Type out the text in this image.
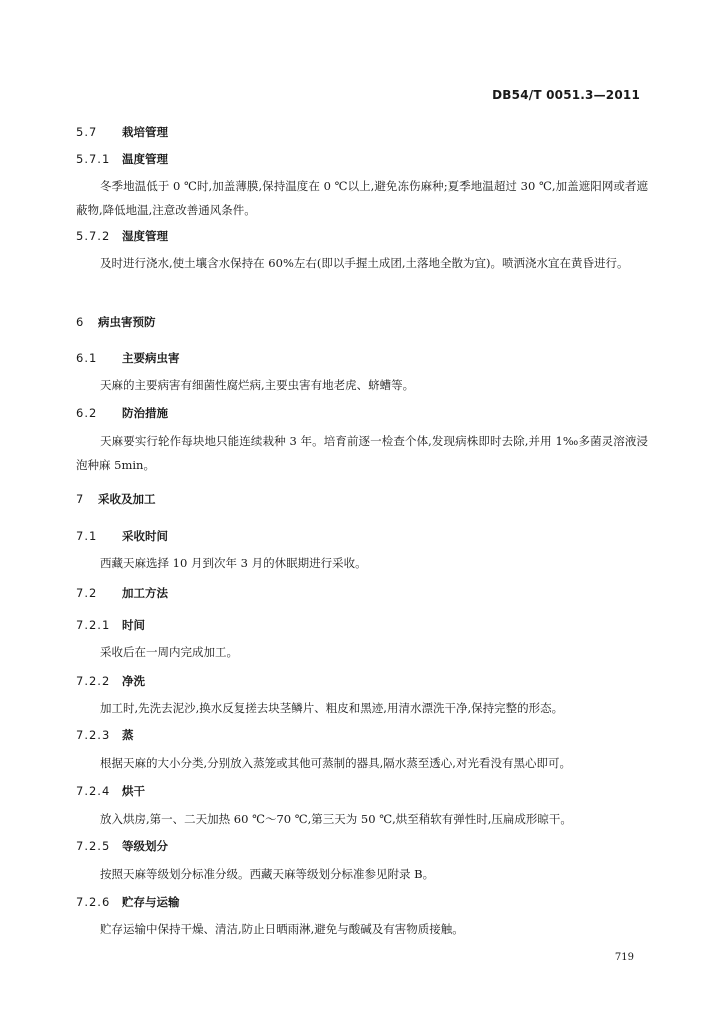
DB54/T 0051.3—2011
5.7 栽培管理
5.7.1 温度管理
冬季地温低于 0 ℃时,加盖薄膜,保持温度在 0 ℃以上,避免冻伤麻种;夏季地温超过 30 ℃,加盖遮阳网或者遮蔽物,降低地温,注意改善通风条件。
5.7.2 湿度管理
及时进行浇水,使土壤含水保持在 60%左右(即以手握土成团,土落地全散为宜)。喷洒浇水宜在黄昏进行。
6 病虫害预防
6.1 主要病虫害
天麻的主要病害有细菌性腐烂病,主要虫害有地老虎、蛴螬等。
6.2 防治措施
天麻要实行轮作每块地只能连续栽种 3 年。培育前逐一检查个体,发现病株即时去除,并用 1‰多菌灵溶液浸泡种麻 5min。
7 采收及加工
7.1 采收时间
西藏天麻选择 10 月到次年 3 月的休眠期进行采收。
7.2 加工方法
7.2.1 时间
采收后在一周内完成加工。
7.2.2 净洗
加工时,先洗去泥沙,换水反复搓去块茎鳞片、粗皮和黑迹,用清水漂洗干净,保持完整的形态。
7.2.3 蒸
根据天麻的大小分类,分别放入蒸笼或其他可蒸制的器具,隔水蒸至透心,对光看没有黑心即可。
7.2.4 烘干
放入烘房,第一、二天加热 60 ℃～70 ℃,第三天为 50 ℃,烘至稍软有弹性时,压扁成形晾干。
7.2.5 等级划分
按照天麻等级划分标准分级。西藏天麻等级划分标准参见附录 B。
7.2.6 贮存与运输
贮存运输中保持干燥、清洁,防止日晒雨淋,避免与酸碱及有害物质接触。
719
